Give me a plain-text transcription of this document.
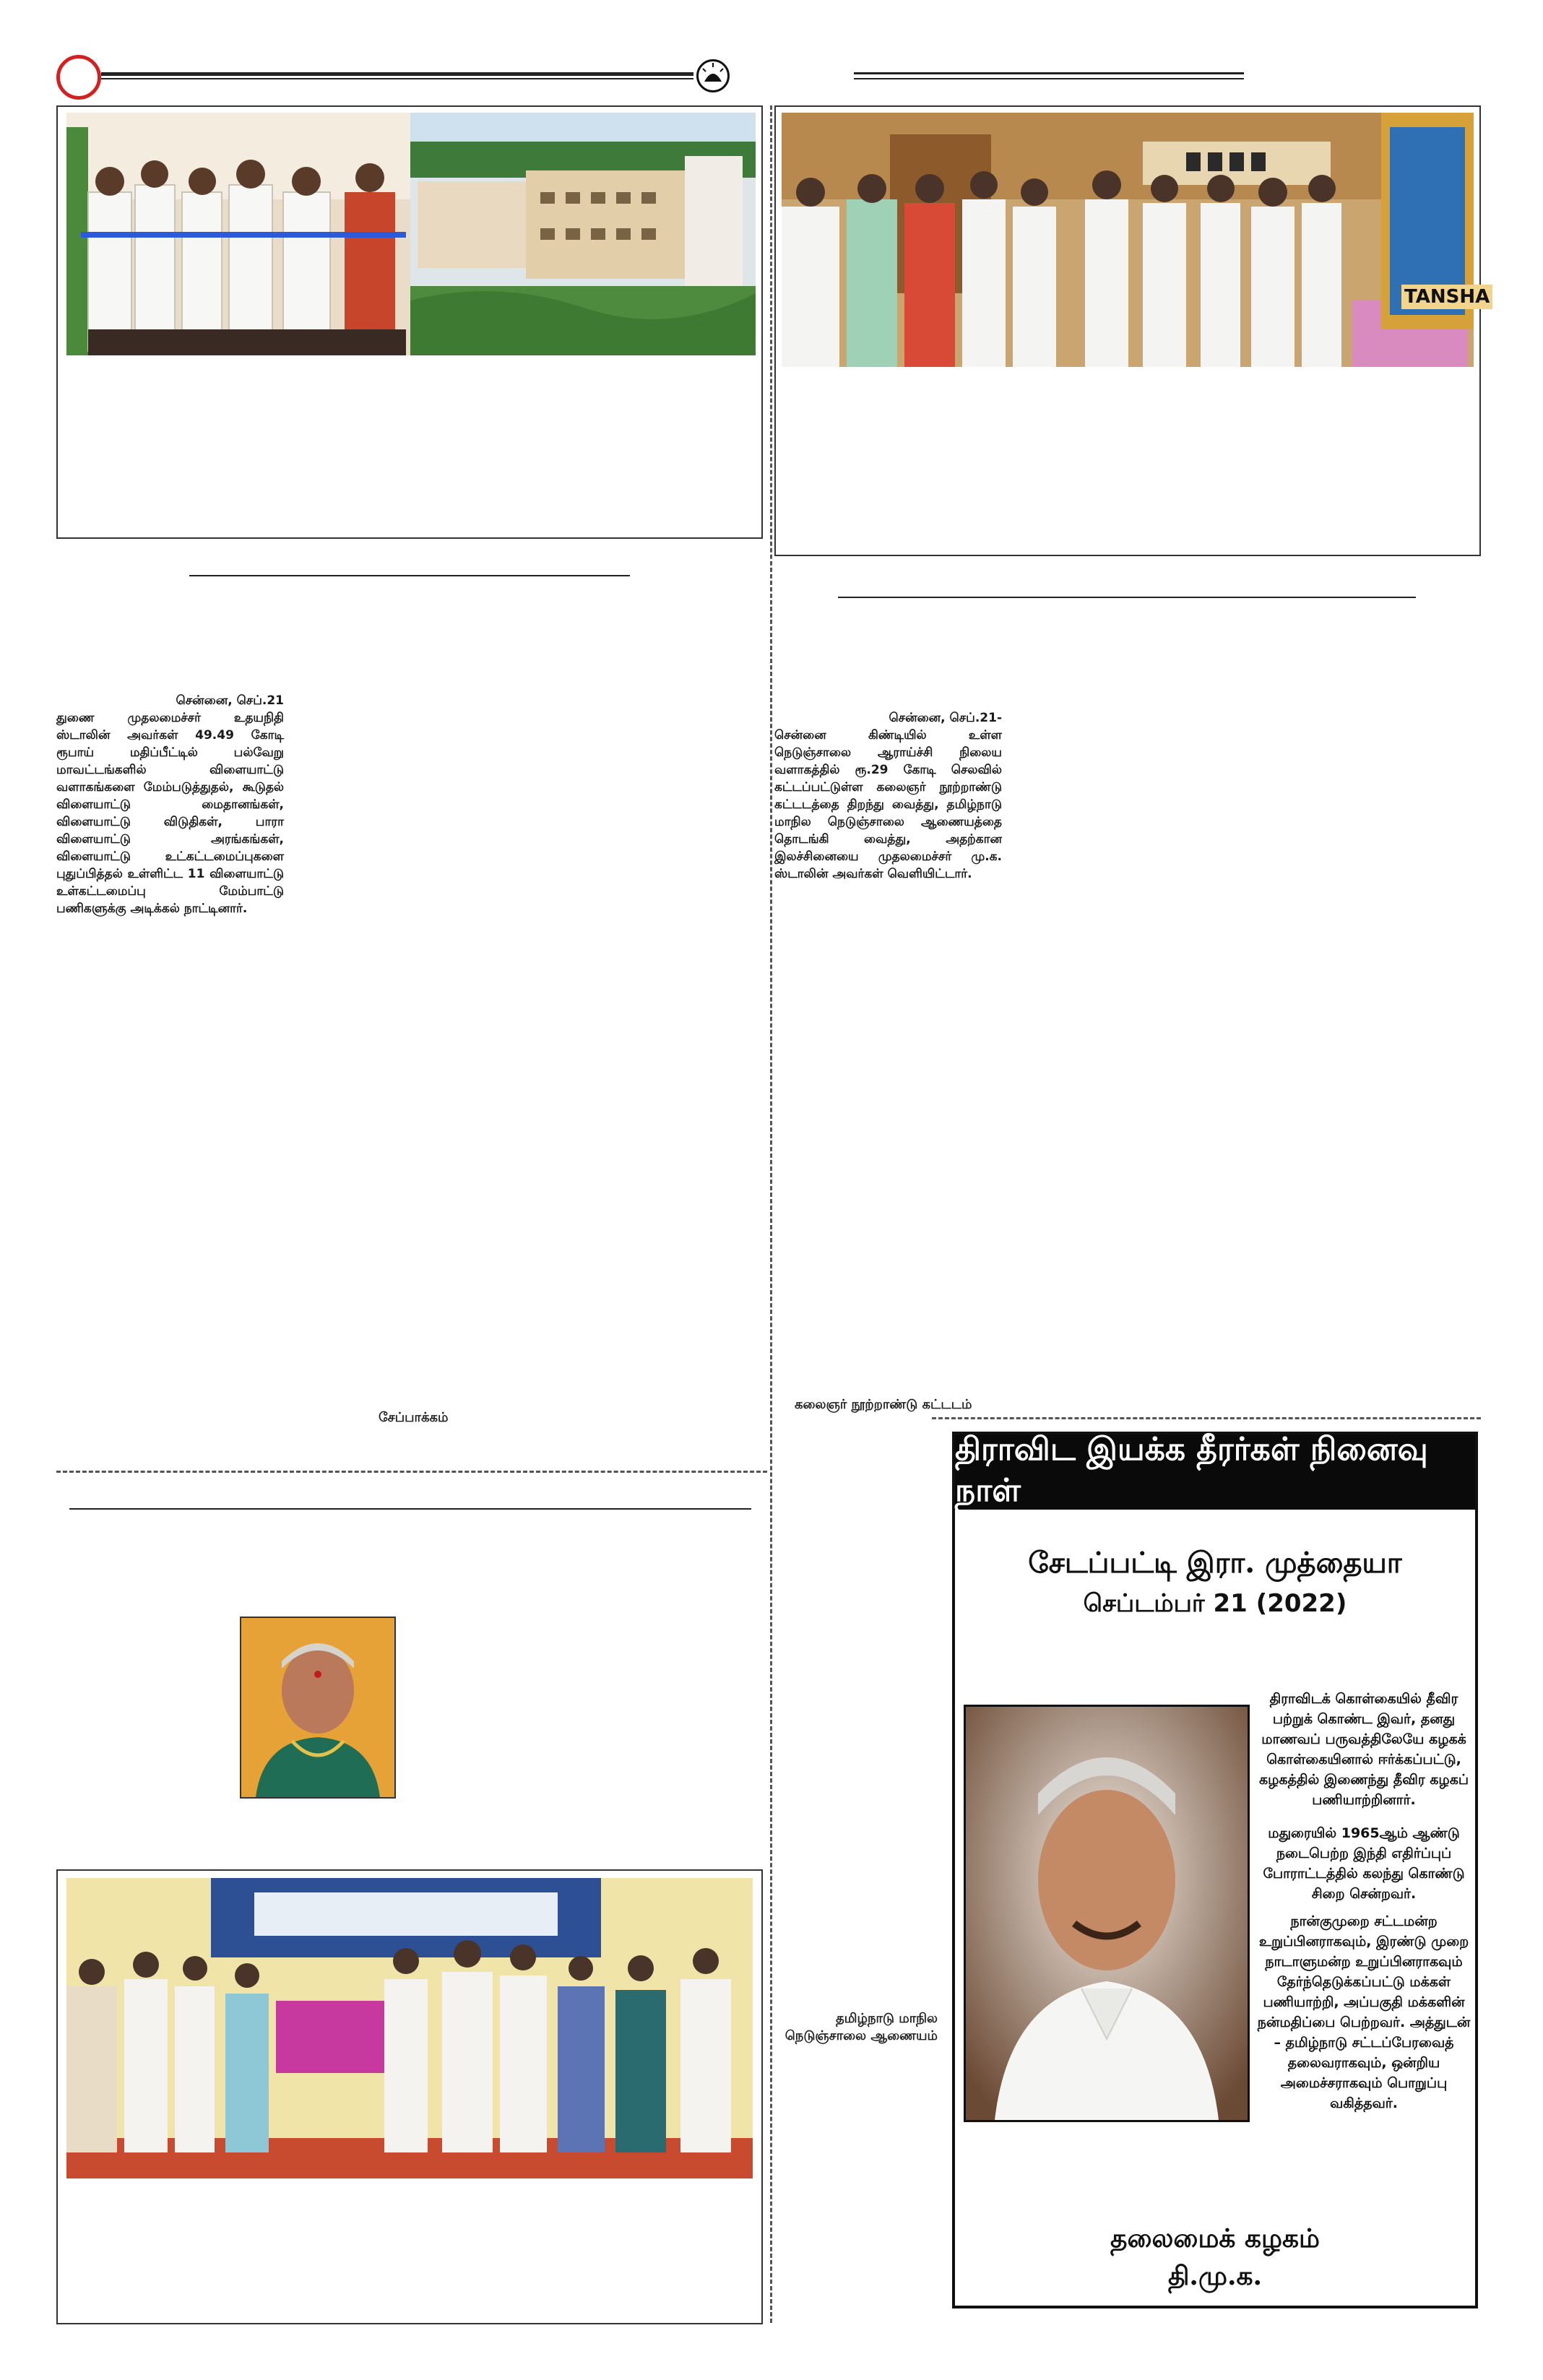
சென்னை, செப்.21
துணை முதலமைச்சர் உதயநிதி ஸ்டாலின் அவர்கள் 49.49 கோடி ரூபாய் மதிப்பீட்டில் பல்வேறு மாவட்டங்களில் விளையாட்டு வளாகங்களை மேம்படுத்துதல், கூடுதல் விளையாட்டு மைதானங்கள், விளையாட்டு விடுதிகள், பாரா விளையாட்டு அரங்கங்கள், விளையாட்டு உட்கட்டமைப்புகளை புதுப்பித்தல் உள்ளிட்ட 11 விளையாட்டு உள்கட்டமைப்பு மேம்பாட்டு பணிகளுக்கு அடிக்கல் நாட்டினார்.
சேப்பாக்கம்
TANSHA
சென்னை, செப்.21-
சென்னை கிண்டியில் உள்ள நெடுஞ்சாலை ஆராய்ச்சி நிலைய வளாகத்தில் ரூ.29 கோடி செலவில் கட்டப்பட்டுள்ள கலைஞர் நூற்றாண்டு கட்டடத்தை திறந்து வைத்து, தமிழ்நாடு மாநில நெடுஞ்சாலை ஆணையத்தை தொடங்கி வைத்து, அதற்கான இலச்சினையை முதலமைச்சர் மு.க. ஸ்டாலின் அவர்கள் வெளியிட்டார்.
கலைஞர் நூற்றாண்டு கட்டடம்
தமிழ்நாடு மாநில
நெடுஞ்சாலை ஆணையம்
திராவிட இயக்க தீரர்கள் நினைவு நாள்
சேடப்பட்டி இரா. முத்தையா
செப்டம்பர் 21 (2022)
திராவிடக் கொள்கையில் தீவிர பற்றுக் கொண்ட இவர், தனது மாணவப் பருவத்திலேயே கழகக் கொள்கையினால் ஈர்க்கப்பட்டு, கழகத்தில் இணைந்து தீவிர கழகப் பணியாற்றினார்.
மதுரையில் 1965ஆம் ஆண்டு நடைபெற்ற இந்தி எதிர்ப்புப் போராட்டத்தில் கலந்து கொண்டு சிறை சென்றவர்.
நான்குமுறை சட்டமன்ற உறுப்பினராகவும், இரண்டு முறை நாடாளுமன்ற உறுப்பினராகவும் தேர்ந்தெடுக்கப்பட்டு மக்கள் பணியாற்றி, அப்பகுதி மக்களின் நன்மதிப்பை பெற்றவர். அத்துடன் – தமிழ்நாடு சட்டப்பேரவைத் தலைவராகவும், ஒன்றிய அமைச்சராகவும் பொறுப்பு வகித்தவர்.
தலைமைக் கழகம்
தி.மு.க.
